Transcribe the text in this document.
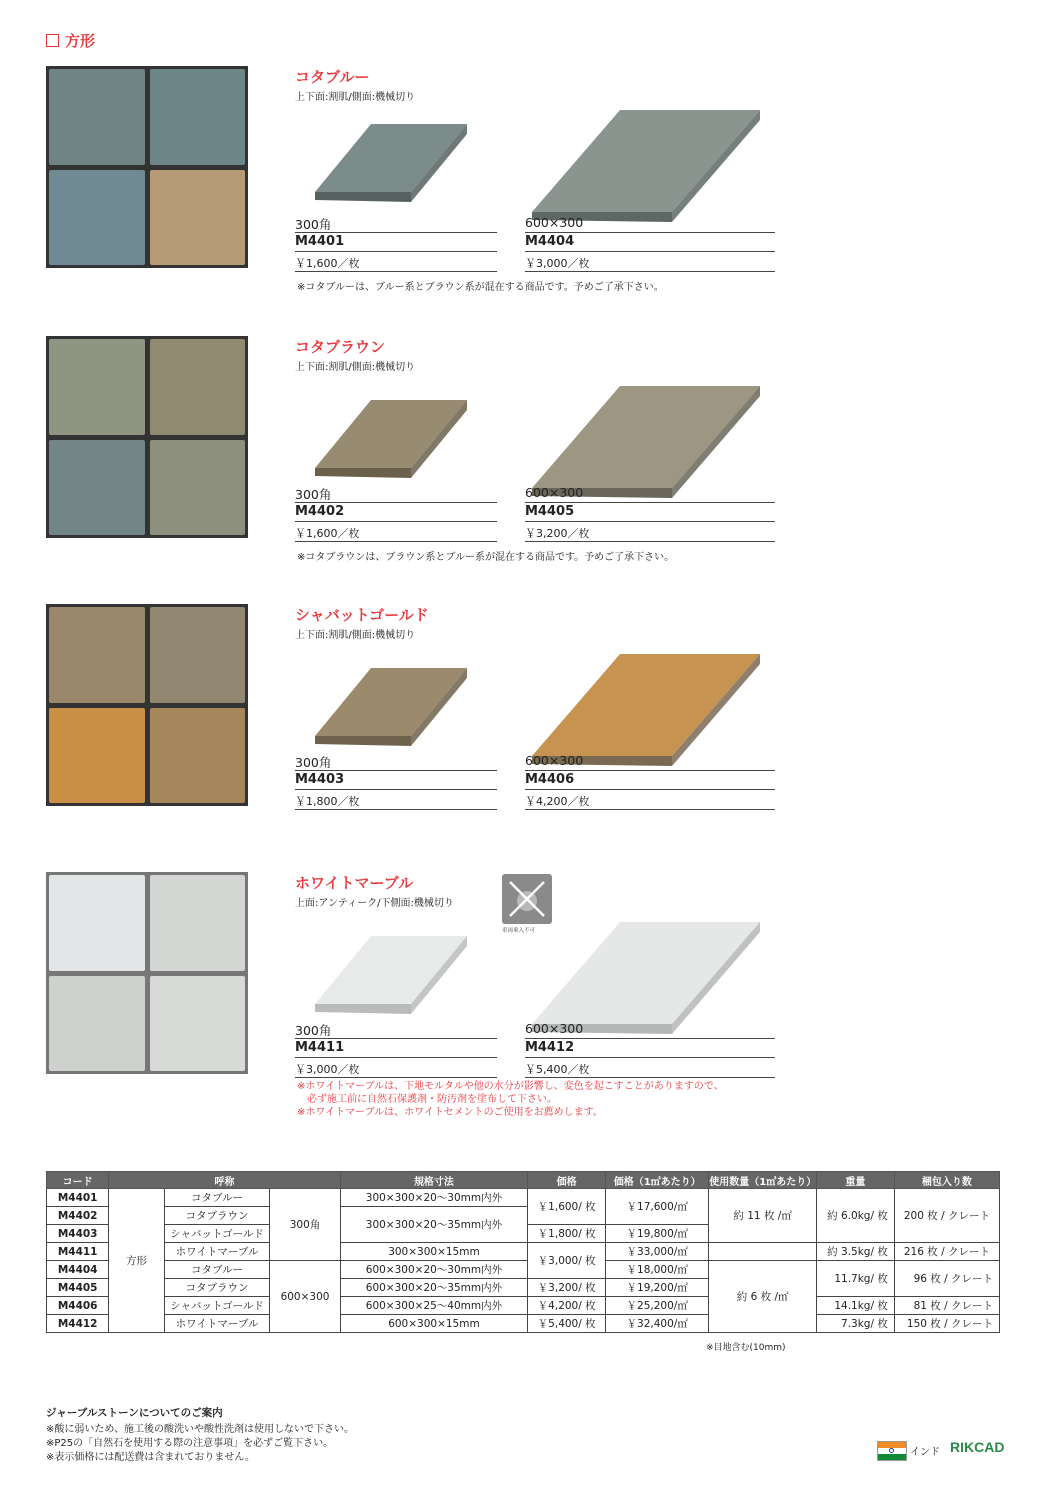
方形
コタブルー
上下面:割肌/側面:機械切り
300角
M4401
￥1,600／枚
600×300
M4404
￥3,000／枚
※コタブルーは、ブルー系とブラウン系が混在する商品です。予めご了承下さい。
コタブラウン
上下面:割肌/側面:機械切り
300角
M4402
￥1,600／枚
600×300
M4405
￥3,200／枚
※コタブラウンは、ブラウン系とブルー系が混在する商品です。予めご了承下さい。
シャバットゴールド
上下面:割肌/側面:機械切り
300角
M4403
￥1,800／枚
600×300
M4406
￥4,200／枚
ホワイトマーブル
上面:アンティーク/下側面:機械切り
車両乗入不可
300角
M4411
￥3,000／枚
600×300
M4412
￥5,400／枚
※ホワイトマーブルは、下地モルタルや他の水分が影響し、変色を起こすことがありますので、
　必ず施工前に自然石保護剤・防汚剤を塗布して下さい。
※ホワイトマーブルは、ホワイトセメントのご使用をお薦めします。
コード	呼称			規格寸法	価格	価格（1㎡あたり）	使用数量（1㎡あたり）	重量	梱包入り数
M4401	方形	コタブルー	300角	300×300×20～30mm内外	￥1,600/ 枚	￥17,600/㎡	約 11 枚 /㎡	約 6.0kg/ 枚	200 枚 / クレート
M4402		コタブラウン		300×300×20～35mm内外					
M4403		シャバットゴールド			￥1,800/ 枚	￥19,800/㎡			
M4411		ホワイトマーブル		300×300×15mm	￥3,000/ 枚	￥33,000/㎡		約 3.5kg/ 枚	216 枚 / クレート
M4404		コタブルー	600×300	600×300×20～30mm内外		￥18,000/㎡	約 6 枚 /㎡	11.7kg/ 枚	96 枚 / クレート
M4405		コタブラウン		600×300×20～35mm内外	￥3,200/ 枚	￥19,200/㎡			
M4406		シャバットゴールド		600×300×25～40mm内外	￥4,200/ 枚	￥25,200/㎡		14.1kg/ 枚	81 枚 / クレート
M4412		ホワイトマーブル		600×300×15mm	￥5,400/ 枚	￥32,400/㎡		7.3kg/ 枚	150 枚 / クレート
※目地含む(10mm)
ジャーブルストーンについてのご案内
※酸に弱いため、施工後の酸洗いや酸性洗剤は使用しないで下さい。
※P25の「自然石を使用する際の注意事項」を必ずご覧下さい。
※表示価格には配送費は含まれておりません。	インド RIKCAD
